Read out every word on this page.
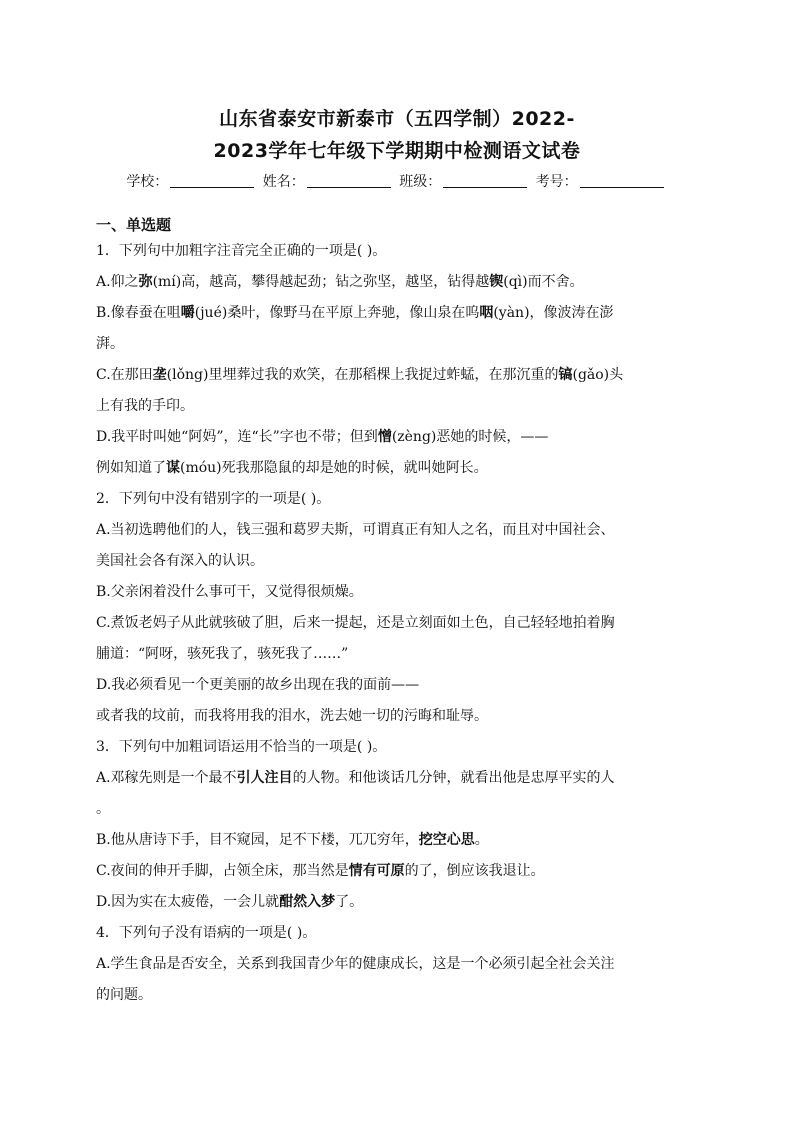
山东省泰安市新泰市（五四学制）2022-
2023学年七年级下学期期中检测语文试卷
学校：	姓名：	班级：	考号：
一、单选题
1．下列句中加粗字注音完全正确的一项是( )。
A.仰之弥(mí)高，越高，攀得越起劲；钻之弥坚，越坚，钻得越锲(qì)而不舍。
B.像春蚕在咀嚼(jué)桑叶，像野马在平原上奔驰，像山泉在呜咽(yàn)，像波涛在澎
湃。
C.在那田垄(lǒng)里埋葬过我的欢笑，在那稻棵上我捉过蚱蜢，在那沉重的镐(gǎo)头
上有我的手印。
D.我平时叫她“阿妈”，连“长”字也不带；但到憎(zèng)恶她的时候，——
例如知道了谋(móu)死我那隐鼠的却是她的时候，就叫她阿长。
2．下列句中没有错别字的一项是( )。
A.当初选聘他们的人，钱三强和葛罗夫斯，可谓真正有知人之名，而且对中国社会、
美国社会各有深入的认识。
B.父亲闲着没什么事可干，又觉得很烦燥。
C.煮饭老妈子从此就骇破了胆，后来一提起，还是立刻面如土色，自己轻轻地拍着胸
脯道：“阿呀，骇死我了，骇死我了……”
D.我必须看见一个更美丽的故乡出现在我的面前——
或者我的坟前，而我将用我的泪水，洗去她一切的污晦和耻辱。
3．下列句中加粗词语运用不恰当的一项是( )。
A.邓稼先则是一个最不引人注目的人物。和他谈话几分钟，就看出他是忠厚平实的人
。
B.他从唐诗下手，目不窥园，足不下楼，兀兀穷年，挖空心思。
C.夜间的伸开手脚，占领全床，那当然是情有可原的了，倒应该我退让。
D.因为实在太疲倦，一会儿就酣然入梦了。
4．下列句子没有语病的一项是( )。
A.学生食品是否安全，关系到我国青少年的健康成长，这是一个必须引起全社会关注
的问题。
